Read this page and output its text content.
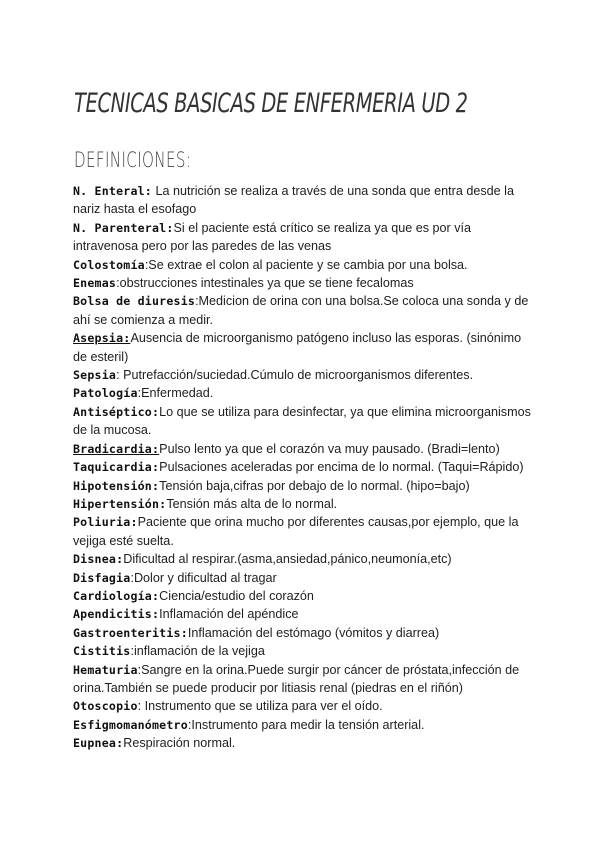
TECNICAS BASICAS DE ENFERMERIA UD 2
DEFINICIONES:

N. Enteral: La nutrición se realiza a través de una sonda que entra desde la nariz hasta el esofago

N. Parenteral:Si el paciente está crítico se realiza ya que es por vía intravenosa pero por las paredes de las venas

Colostomía:Se extrae el colon al paciente y se cambia por una bolsa.

Enemas:obstrucciones intestinales ya que se tiene fecalomas

Bolsa de diuresis:Medicion de orina con una bolsa.Se coloca una sonda y de ahí se comienza a medir.

Asepsia:Ausencia de microorganismo patógeno incluso las esporas. (sinónimo de esteril)

Sepsia: Putrefacción/suciedad.Cúmulo de microorganismos diferentes.

Patología:Enfermedad.

Antiséptico:Lo que se utiliza para desinfectar, ya que elimina microorganismos de la mucosa.

Bradicardia:Pulso lento ya que el corazón va muy pausado. (Bradi=lento)

Taquicardia:Pulsaciones aceleradas por encima de lo normal. (Taqui=Rápido)

Hipotensión:Tensión baja,cifras por debajo de lo normal. (hipo=bajo)

Hipertensión:Tensión más alta de lo normal.

Poliuria:Paciente que orina mucho por diferentes causas,por ejemplo, que la vejiga esté suelta.

Disnea:Dificultad al respirar.(asma,ansiedad,pánico,neumonía,etc)

Disfagia:Dolor y dificultad al tragar

Cardiología:Ciencia/estudio del corazón

Apendicitis:Inflamación del apéndice

Gastroenteritis:Inflamación del estómago (vómitos y diarrea)

Cistitis:inflamación de la vejiga

Hematuria:Sangre en la orina.Puede surgir por cáncer de próstata,infección de orina.También se puede producir por litiasis renal (piedras en el riñón)

Otoscopio: Instrumento que se utiliza para ver el oído.

Esfigmomanómetro:Instrumento para medir la tensión arterial.

Eupnea:Respiración normal.
